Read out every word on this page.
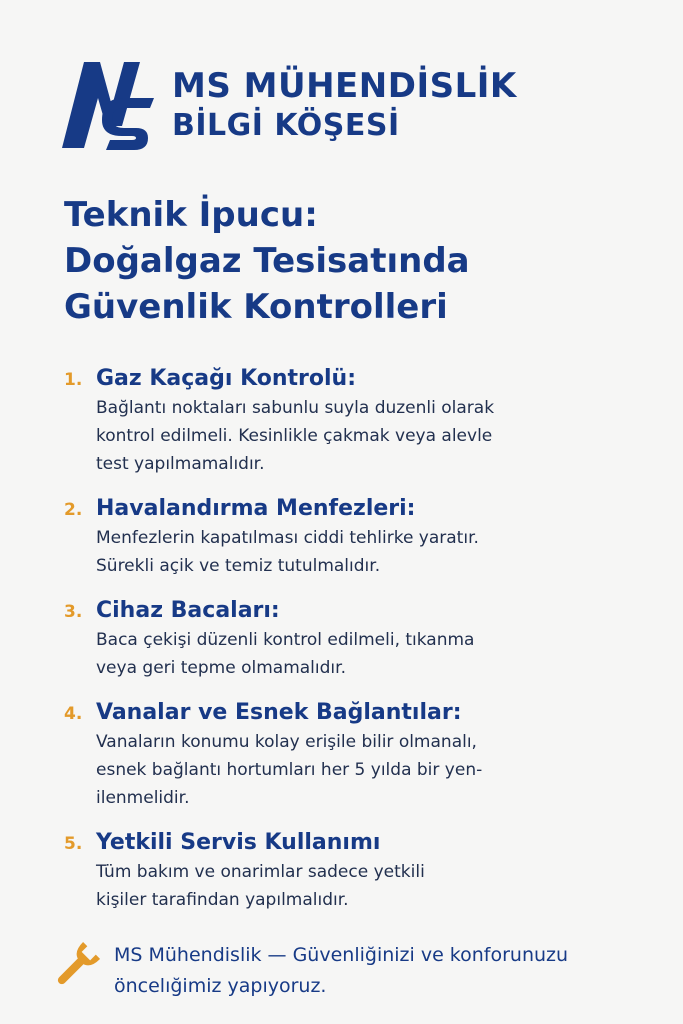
MS MÜHENDİSLİK
BİLGİ KÖŞESİ
Teknik İpucu:
Doğalgaz Tesisatında
Güvenlik Kontrolleri
1. Gaz Kaçağı Kontrolü:
Bağlantı noktaları sabunlu suyla duzenli olarak
kontrol edilmeli. Kesinlikle çakmak veya alevle
test yapılmamalıdır.
2. Havalandırma Menfezleri:
Menfezlerin kapatılması ciddi tehlirke yaratır.
Sürekli açik ve temiz tutulmalıdır.
3. Cihaz Bacaları:
Baca çekişi düzenli kontrol edilmeli, tıkanma
veya geri tepme olmamalıdır.
4. Vanalar ve Esnek Bağlantılar:
Vanaların konumu kolay erişile bilir olmanalı,
esnek bağlantı hortumları her 5 yılda bir yen-
ilenmelidir.
5. Yetkili Servis Kullanımı
Tüm bakım ve onarimlar sadece yetkili
kişiler tarafindan yapılmalıdır.
MS Mühendislik — Güvenliğinizi ve konforunuzu
öncelığimiz yapıyoruz.
